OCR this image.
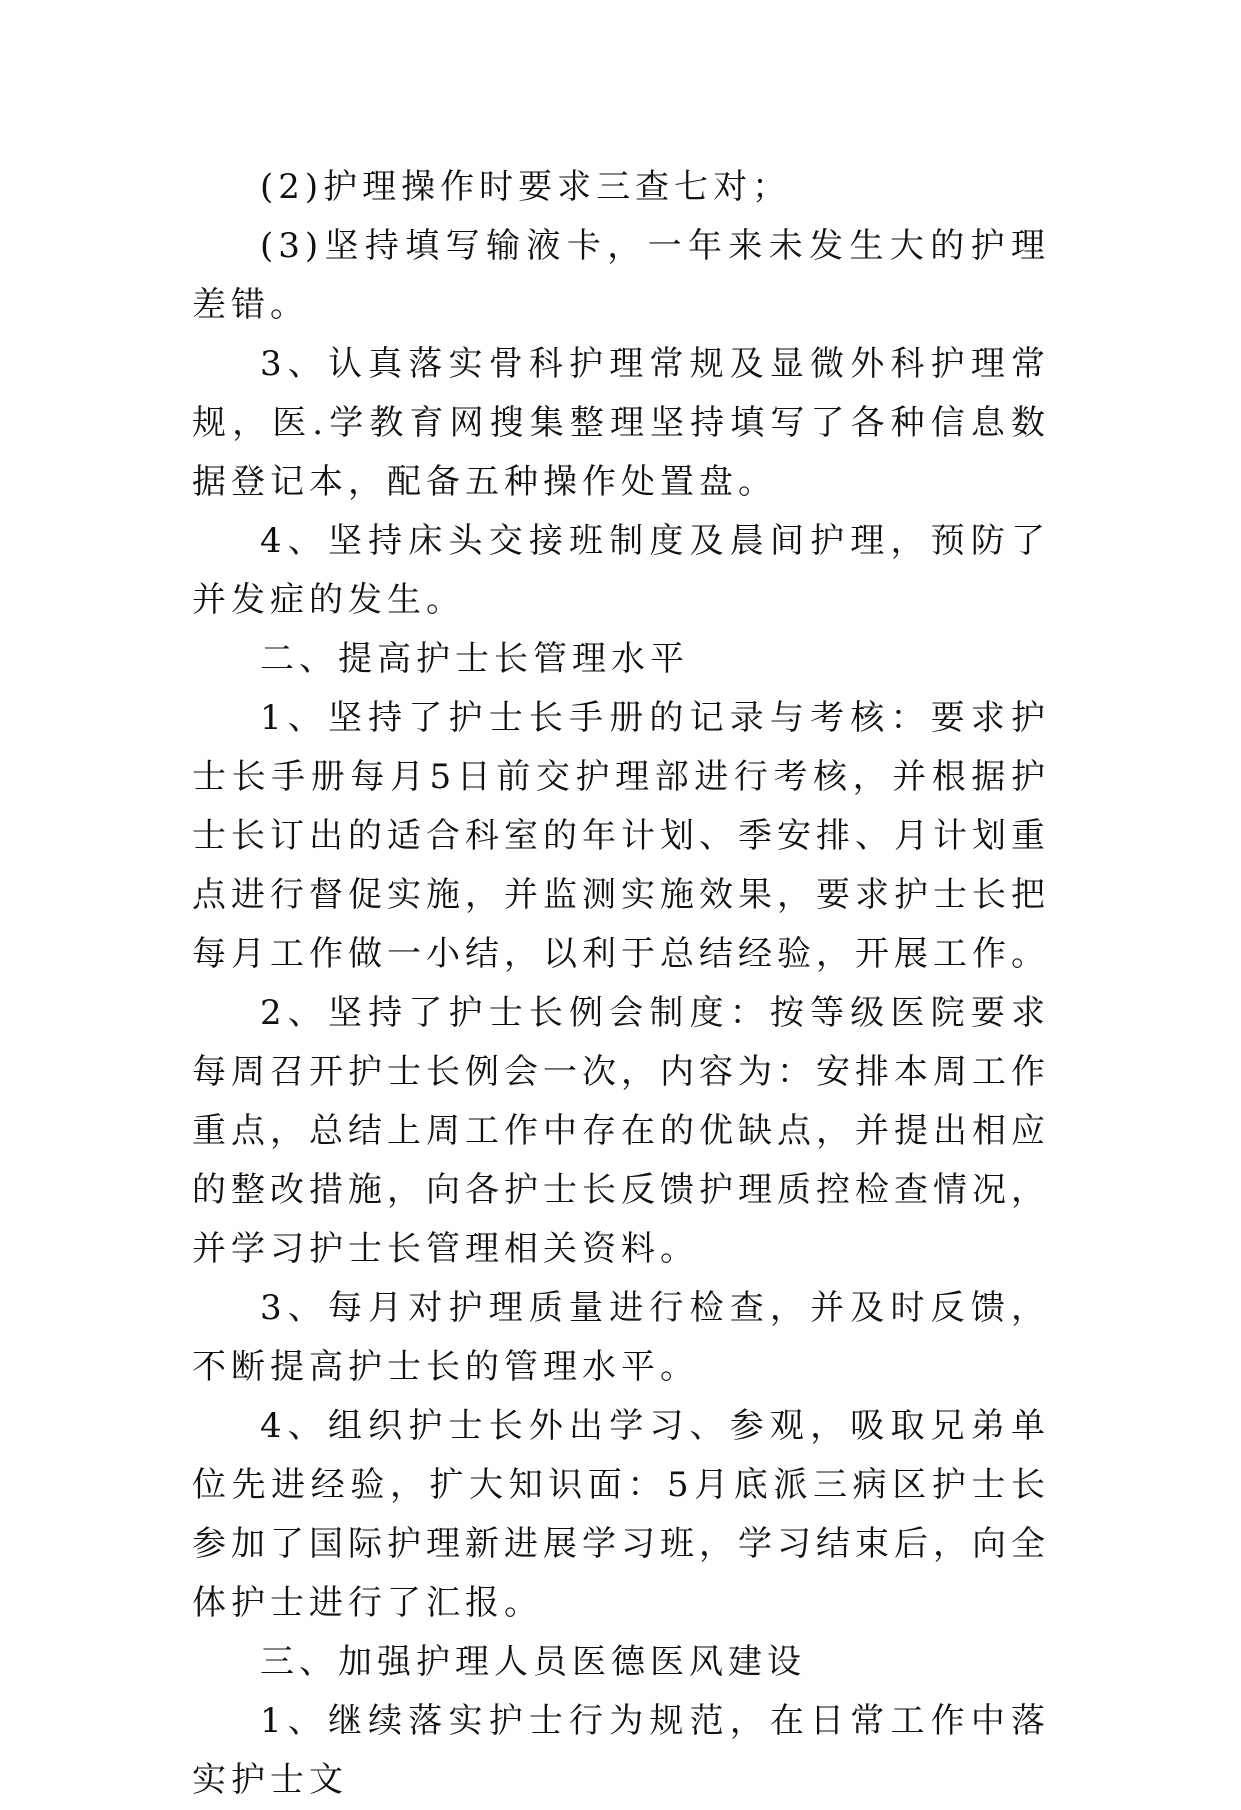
(2)护理操作时要求三查七对；

(3)坚持填写输液卡，一年来未发生大的护理差错。

3、认真落实骨科护理常规及显微外科护理常规，医.学教育网搜集整理坚持填写了各种信息数据登记本，配备五种操作处置盘。

4、坚持床头交接班制度及晨间护理，预防了并发症的发生。

二、提高护士长管理水平

1、坚持了护士长手册的记录与考核：要求护士长手册每月5日前交护理部进行考核，并根据护士长订出的适合科室的年计划、季安排、月计划重点进行督促实施，并监测实施效果，要求护士长把每月工作做一小结，以利于总结经验，开展工作。

2、坚持了护士长例会制度：按等级医院要求每周召开护士长例会一次，内容为：安排本周工作重点，总结上周工作中存在的优缺点，并提出相应的整改措施，向各护士长反馈护理质控检查情况，并学习护士长管理相关资料。

3、每月对护理质量进行检查，并及时反馈，不断提高护士长的管理水平。

4、组织护士长外出学习、参观，吸取兄弟单位先进经验，扩大知识面：5月底派三病区护士长参加了国际护理新进展学习班，学习结束后，向全体护士进行了汇报。

三、加强护理人员医德医风建设

1、继续落实护士行为规范，在日常工作中落实护士文
